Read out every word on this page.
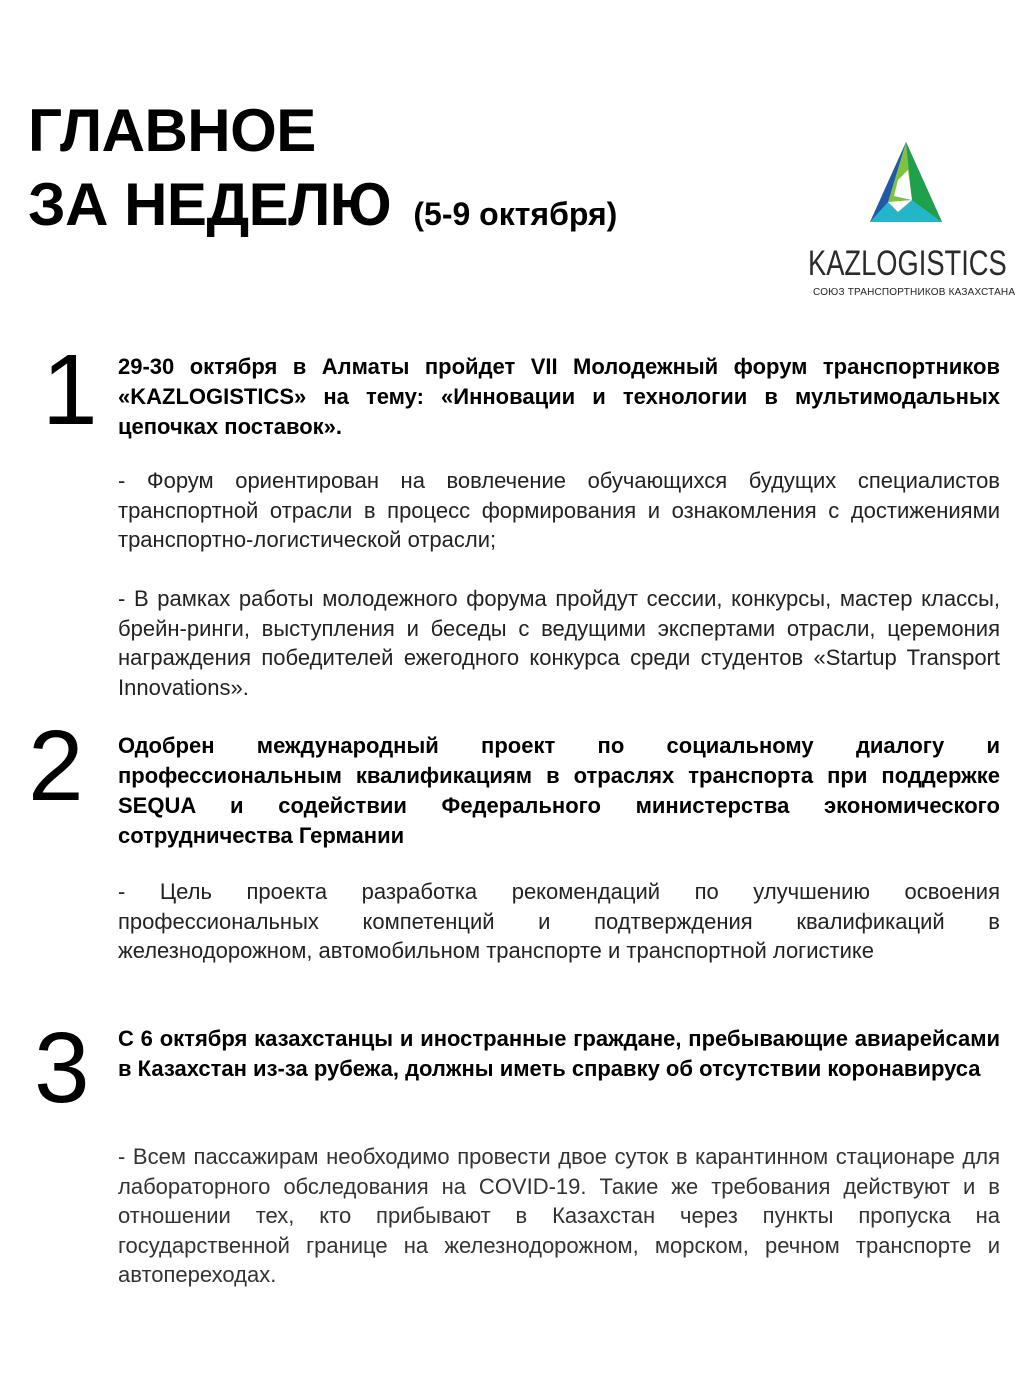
ГЛАВНОЕ
ЗА НЕДЕЛЮ (5-9 октября)
KAZLOGISTICS
СОЮЗ ТРАНСПОРТНИКОВ КАЗАХСТАНА
1 29-30 октября в Алматы пройдет VII Молодежный форум транспортников «KAZLOGISTICS» на тему: «Инновации и технологии в мультимодальных цепочках поставок».

- Форум ориентирован на вовлечение обучающихся будущих специалистов транспортной отрасли в процесс формирования и ознакомления с достижениями транспортно-логистической отрасли;

- В рамках работы молодежного форума пройдут сессии, конкурсы, мастер классы, брейн-ринги, выступления и беседы с ведущими экспертами отрасли, церемония награждения победителей ежегодного конкурса среди студентов «Startup Transport Innovations».

2 Одобрен международный проект по социальному диалогу и профессиональным квалификациям в отраслях транспорта при поддержке SEQUA и содействии Федерального министерства экономического сотрудничества Германии

- Цель проекта разработка рекомендаций по улучшению освоения профессиональных компетенций и подтверждения квалификаций в железнодорожном, автомобильном транспорте и транспортной логистике

3 С 6 октября казахстанцы и иностранные граждане, пребывающие авиарейсами в Казахстан из-за рубежа, должны иметь справку об отсутствии коронавируса

- Всем пассажирам необходимо провести двое суток в карантинном стационаре для лабораторного обследования на COVID-19. Такие же требования действуют и в отношении тех, кто прибывают в Казахстан через пункты пропуска на государственной границе на железнодорожном, морском, речном транспорте и автопереходах.
